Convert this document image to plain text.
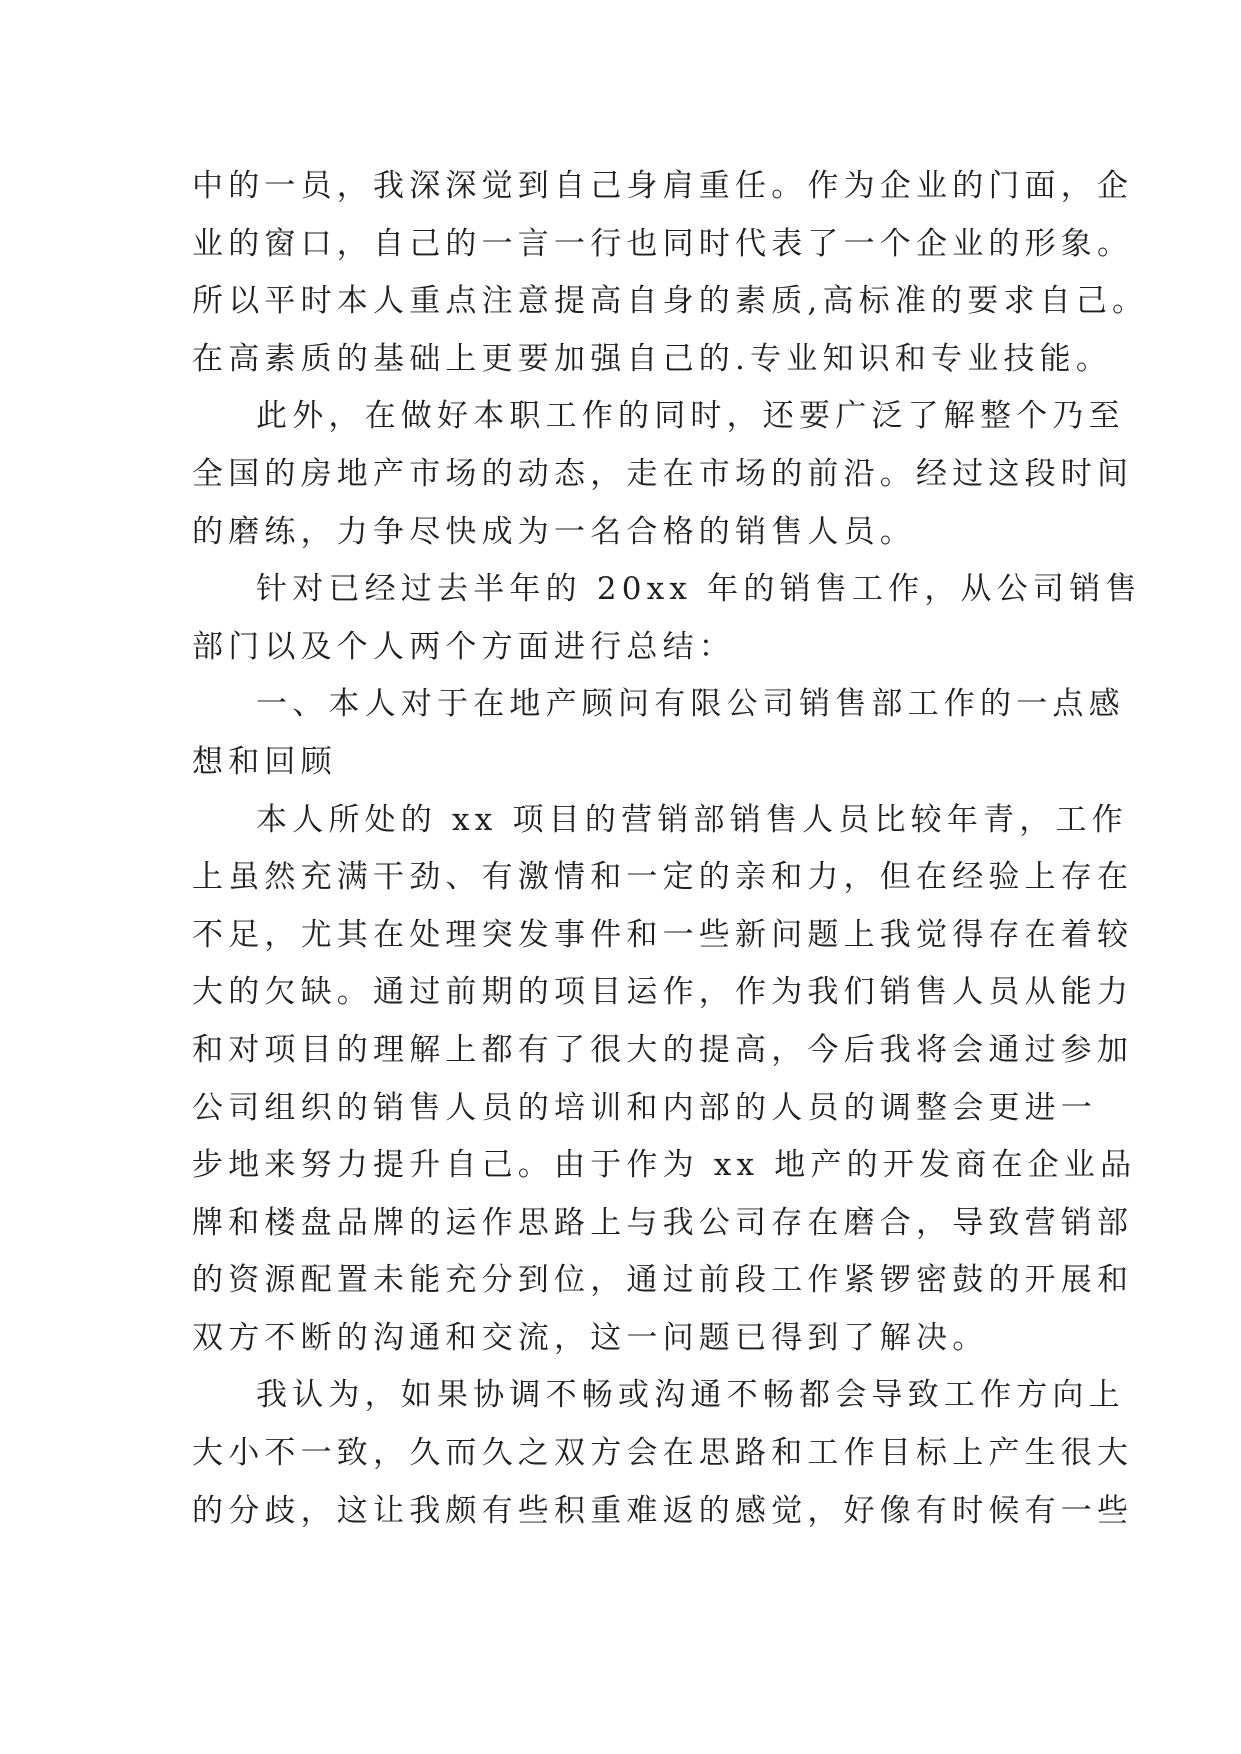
中的一员，我深深觉到自己身肩重任。作为企业的门面，企
业的窗口，自己的一言一行也同时代表了一个企业的形象。
所以平时本人重点注意提高自身的素质,高标准的要求自己。
在高素质的基础上更要加强自己的.专业知识和专业技能。
此外，在做好本职工作的同时，还要广泛了解整个乃至
全国的房地产市场的动态，走在市场的前沿。经过这段时间
的磨练，力争尽快成为一名合格的销售人员。
针对已经过去半年的 20xx 年的销售工作，从公司销售
部门以及个人两个方面进行总结：
一、本人对于在地产顾问有限公司销售部工作的一点感
想和回顾
本人所处的 xx 项目的营销部销售人员比较年青，工作
上虽然充满干劲、有激情和一定的亲和力，但在经验上存在
不足，尤其在处理突发事件和一些新问题上我觉得存在着较
大的欠缺。通过前期的项目运作，作为我们销售人员从能力
和对项目的理解上都有了很大的提高，今后我将会通过参加
公司组织的销售人员的培训和内部的人员的调整会更进一
步地来努力提升自己。由于作为 xx 地产的开发商在企业品
牌和楼盘品牌的运作思路上与我公司存在磨合，导致营销部
的资源配置未能充分到位，通过前段工作紧锣密鼓的开展和
双方不断的沟通和交流，这一问题已得到了解决。
我认为，如果协调不畅或沟通不畅都会导致工作方向上
大小不一致，久而久之双方会在思路和工作目标上产生很大
的分歧，这让我颇有些积重难返的感觉，好像有时候有一些
